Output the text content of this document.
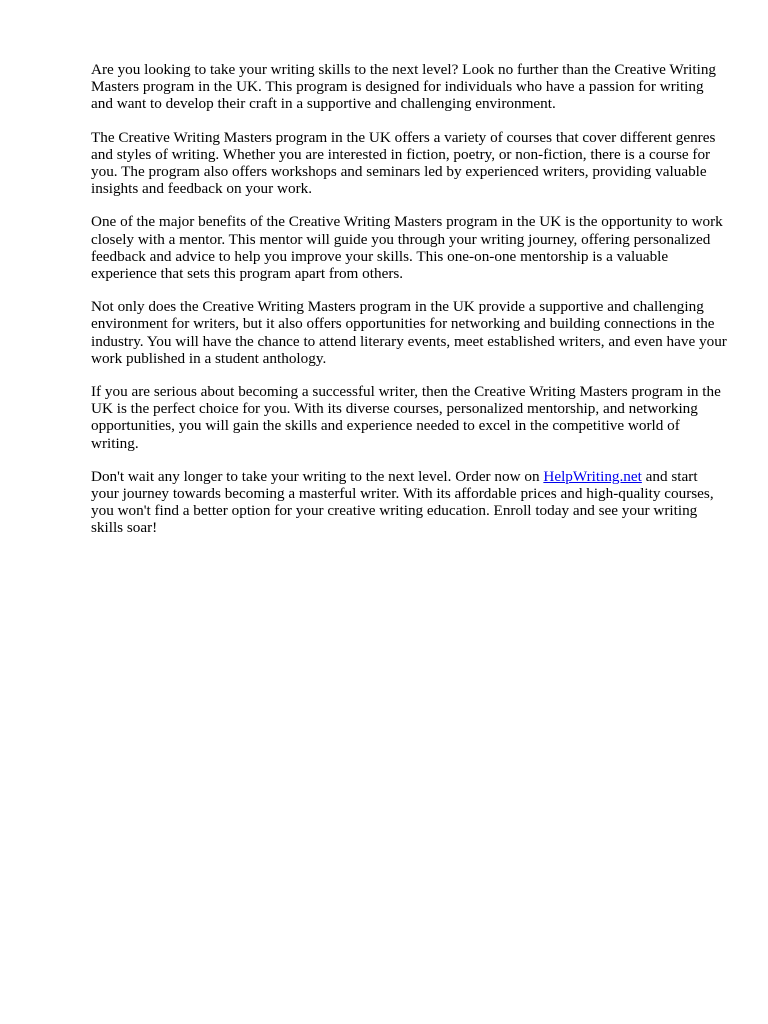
Are you looking to take your writing skills to the next level? Look no further than the Creative Writing Masters program in the UK. This program is designed for individuals who have a passion for writing and want to develop their craft in a supportive and challenging environment.

The Creative Writing Masters program in the UK offers a variety of courses that cover different genres and styles of writing. Whether you are interested in fiction, poetry, or non-fiction, there is a course for you. The program also offers workshops and seminars led by experienced writers, providing valuable insights and feedback on your work.

One of the major benefits of the Creative Writing Masters program in the UK is the opportunity to work closely with a mentor. This mentor will guide you through your writing journey, offering personalized feedback and advice to help you improve your skills. This one-on-one mentorship is a valuable experience that sets this program apart from others.

Not only does the Creative Writing Masters program in the UK provide a supportive and challenging environment for writers, but it also offers opportunities for networking and building connections in the industry. You will have the chance to attend literary events, meet established writers, and even have your work published in a student anthology.

If you are serious about becoming a successful writer, then the Creative Writing Masters program in the UK is the perfect choice for you. With its diverse courses, personalized mentorship, and networking opportunities, you will gain the skills and experience needed to excel in the competitive world of writing.

Don't wait any longer to take your writing to the next level. Order now on HelpWriting.net and start your journey towards becoming a masterful writer. With its affordable prices and high-quality courses, you won't find a better option for your creative writing education. Enroll today and see your writing skills soar!
